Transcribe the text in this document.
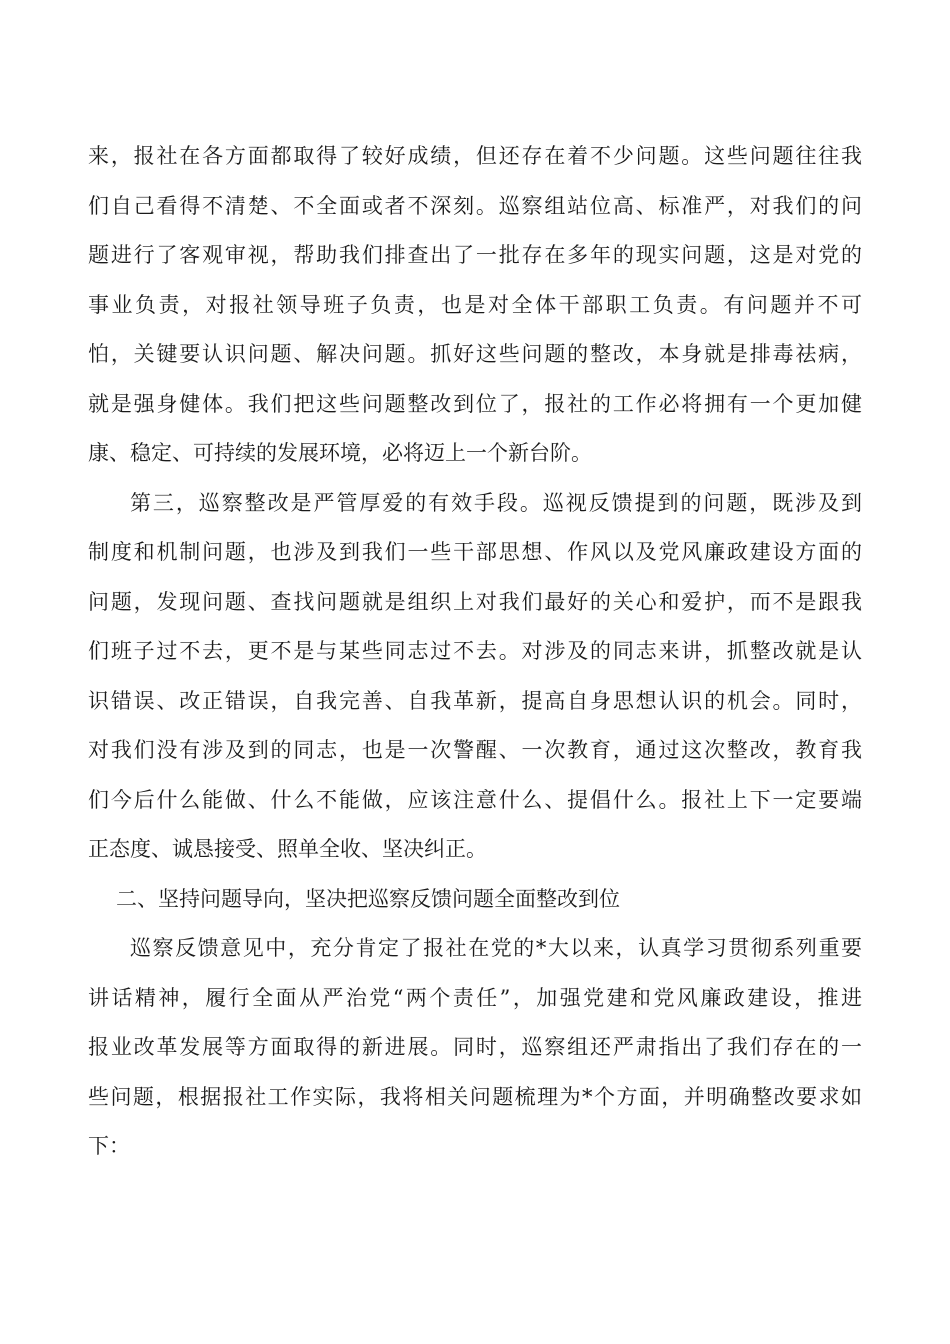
来，报社在各方面都取得了较好成绩，但还存在着不少问题。这些问题往往我
们自己看得不清楚、不全面或者不深刻。巡察组站位高、标准严，对我们的问
题进行了客观审视，帮助我们排查出了一批存在多年的现实问题，这是对党的
事业负责，对报社领导班子负责，也是对全体干部职工负责。有问题并不可
怕，关键要认识问题、解决问题。抓好这些问题的整改，本身就是排毒祛病，
就是强身健体。我们把这些问题整改到位了，报社的工作必将拥有一个更加健
康、稳定、可持续的发展环境，必将迈上一个新台阶。
第三，巡察整改是严管厚爱的有效手段。巡视反馈提到的问题，既涉及到
制度和机制问题，也涉及到我们一些干部思想、作风以及党风廉政建设方面的
问题，发现问题、查找问题就是组织上对我们最好的关心和爱护，而不是跟我
们班子过不去，更不是与某些同志过不去。对涉及的同志来讲，抓整改就是认
识错误、改正错误，自我完善、自我革新，提高自身思想认识的机会。同时，
对我们没有涉及到的同志，也是一次警醒、一次教育，通过这次整改，教育我
们今后什么能做、什么不能做，应该注意什么、提倡什么。报社上下一定要端
正态度、诚恳接受、照单全收、坚决纠正。
二、坚持问题导向，坚决把巡察反馈问题全面整改到位
巡察反馈意见中，充分肯定了报社在党的*大以来，认真学习贯彻系列重要
讲话精神，履行全面从严治党“两个责任”，加强党建和党风廉政建设，推进
报业改革发展等方面取得的新进展。同时，巡察组还严肃指出了我们存在的一
些问题，根据报社工作实际，我将相关问题梳理为*个方面，并明确整改要求如
下：
